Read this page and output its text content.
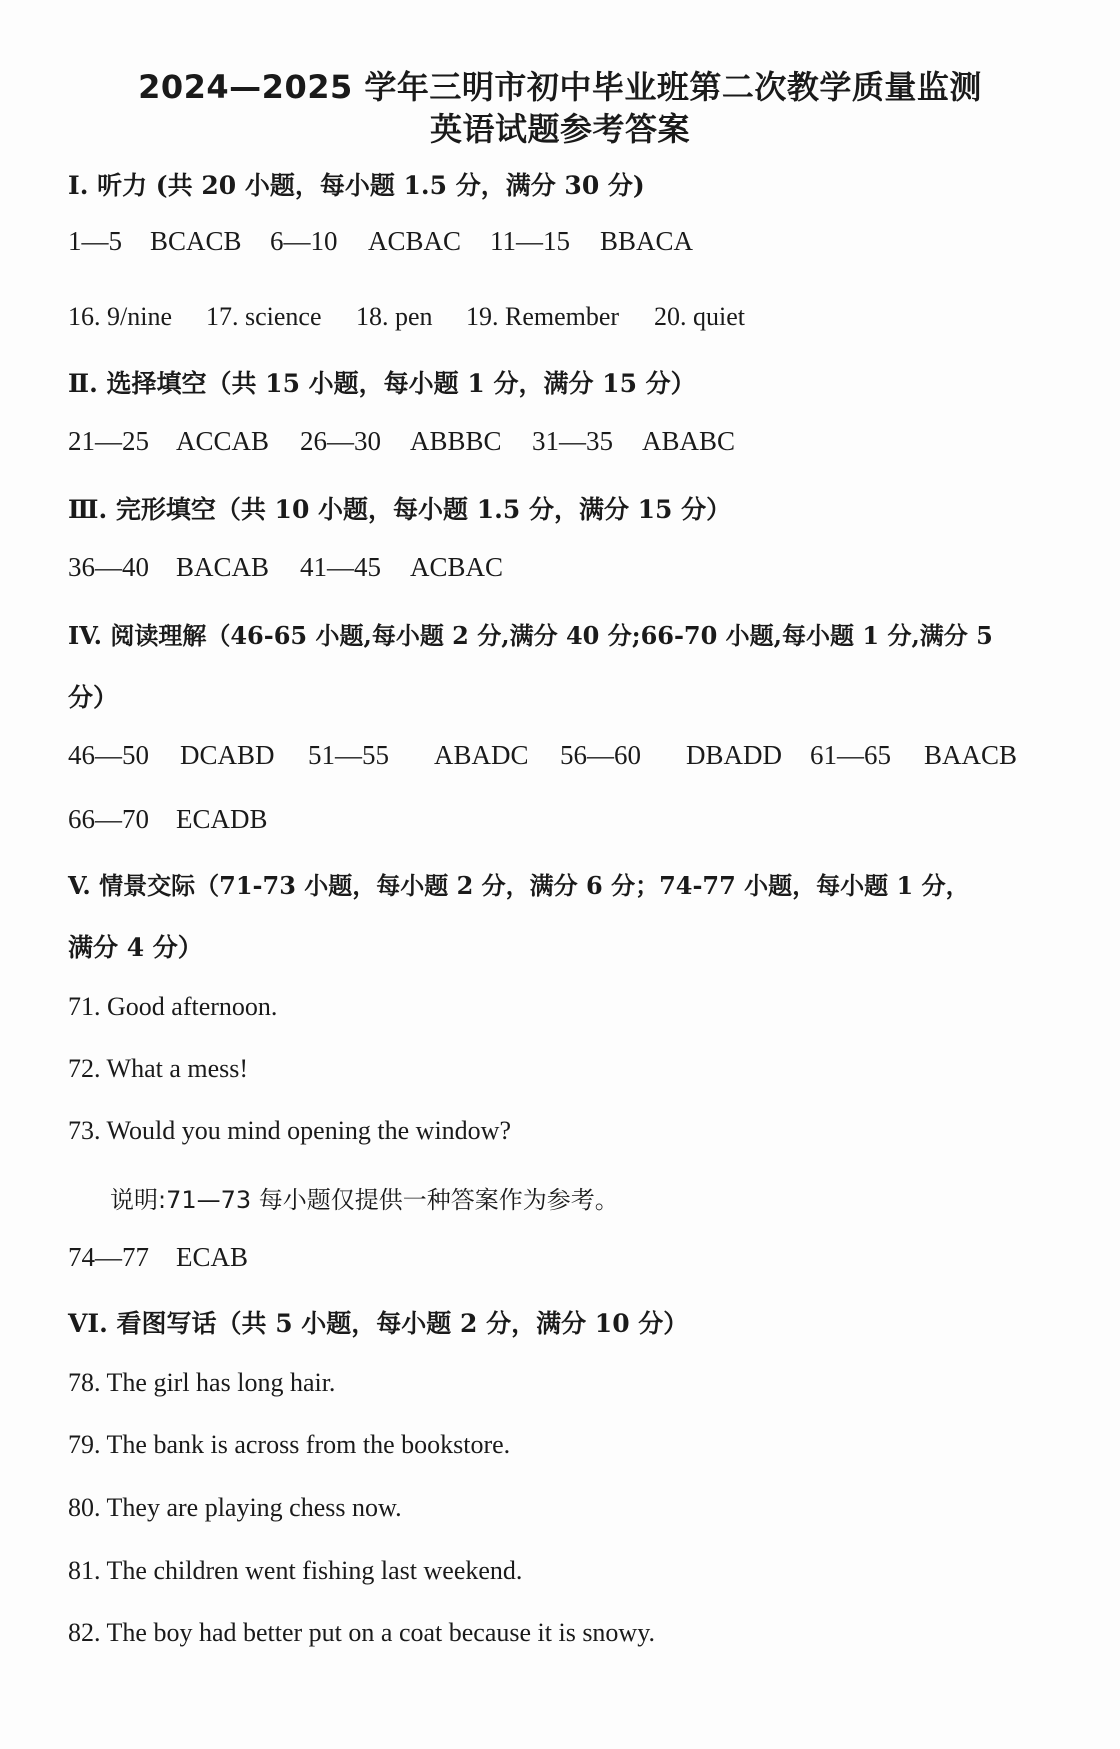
2024—2025 学年三明市初中毕业班第二次教学质量监测
英语试题参考答案
I. 听力 (共 20 小题，每小题 1.5 分，满分 30 分)
1—5 BCACB 6—10 ACBAC 11—15 BBACA
16. 9/nine 17. science 18. pen 19. Remember 20. quiet
Ⅱ. 选择填空（共 15 小题，每小题 1 分，满分 15 分）
21—25 ACCAB 26—30 ABBBC 31—35 ABABC
Ⅲ. 完形填空（共 10 小题，每小题 1.5 分，满分 15 分）
36—40 BACAB 41—45 ACBAC
IV. 阅读理解（46-65 小题,每小题 2 分,满分 40 分;66-70 小题,每小题 1 分,满分 5
分）
46—50 DCABD 51—55 ABADC 56—60 DBADD 61—65 BAACB
66—70 ECADB
V. 情景交际（71-73 小题，每小题 2 分，满分 6 分；74-77 小题，每小题 1 分，
满分 4 分）
71. Good afternoon.
72. What a mess!
73. Would you mind opening the window?
说明:71—73 每小题仅提供一种答案作为参考。
74—77 ECAB
VI. 看图写话（共 5 小题，每小题 2 分，满分 10 分）
78. The girl has long hair.
79. The bank is across from the bookstore.
80. They are playing chess now.
81. The children went fishing last weekend.
82. The boy had better put on a coat because it is snowy.
